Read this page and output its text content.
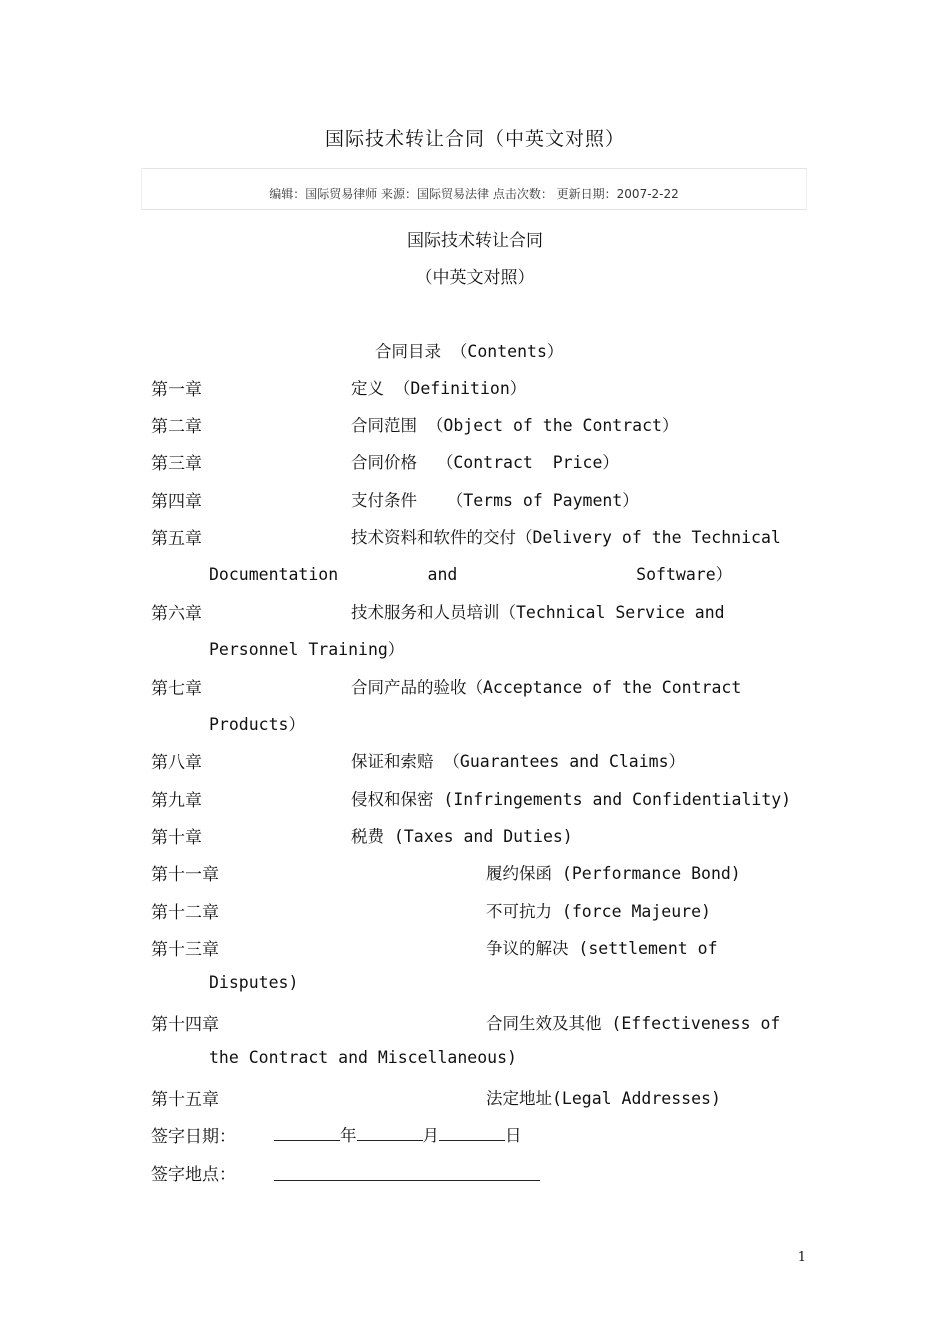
国际技术转让合同（中英文对照）
编辑：国际贸易律师 来源：国际贸易法律 点击次数： 更新日期：2007-2-22
国际技术转让合同
（中英文对照）
合同目录 （Contents）
第一章	定义 （Definition）
第二章	合同范围 （Object of the Contract）
第三章	合同价格  （Contract  Price）
第四章	支付条件   （Terms of Payment）
第五章	技术资料和软件的交付（Delivery of the Technical
Documentation         and                  Software）
第六章	技术服务和人员培训（Technical Service and
Personnel Training）
第七章	合同产品的验收（Acceptance of the Contract
Products）
第八章	保证和索赔 （Guarantees and Claims）
第九章	侵权和保密 (Infringements and Confidentiality)
第十章	税费 (Taxes and Duties)
第十一章	履约保函 (Performance Bond)
第十二章	不可抗力 (force Majeure)
第十三章	争议的解决 (settlement of
Disputes)
第十四章	合同生效及其他 (Effectiveness of
the Contract and Miscellaneous)
第十五章	法定地址(Legal Addresses)
签字日期：	年	月	日
签字地点：
1
